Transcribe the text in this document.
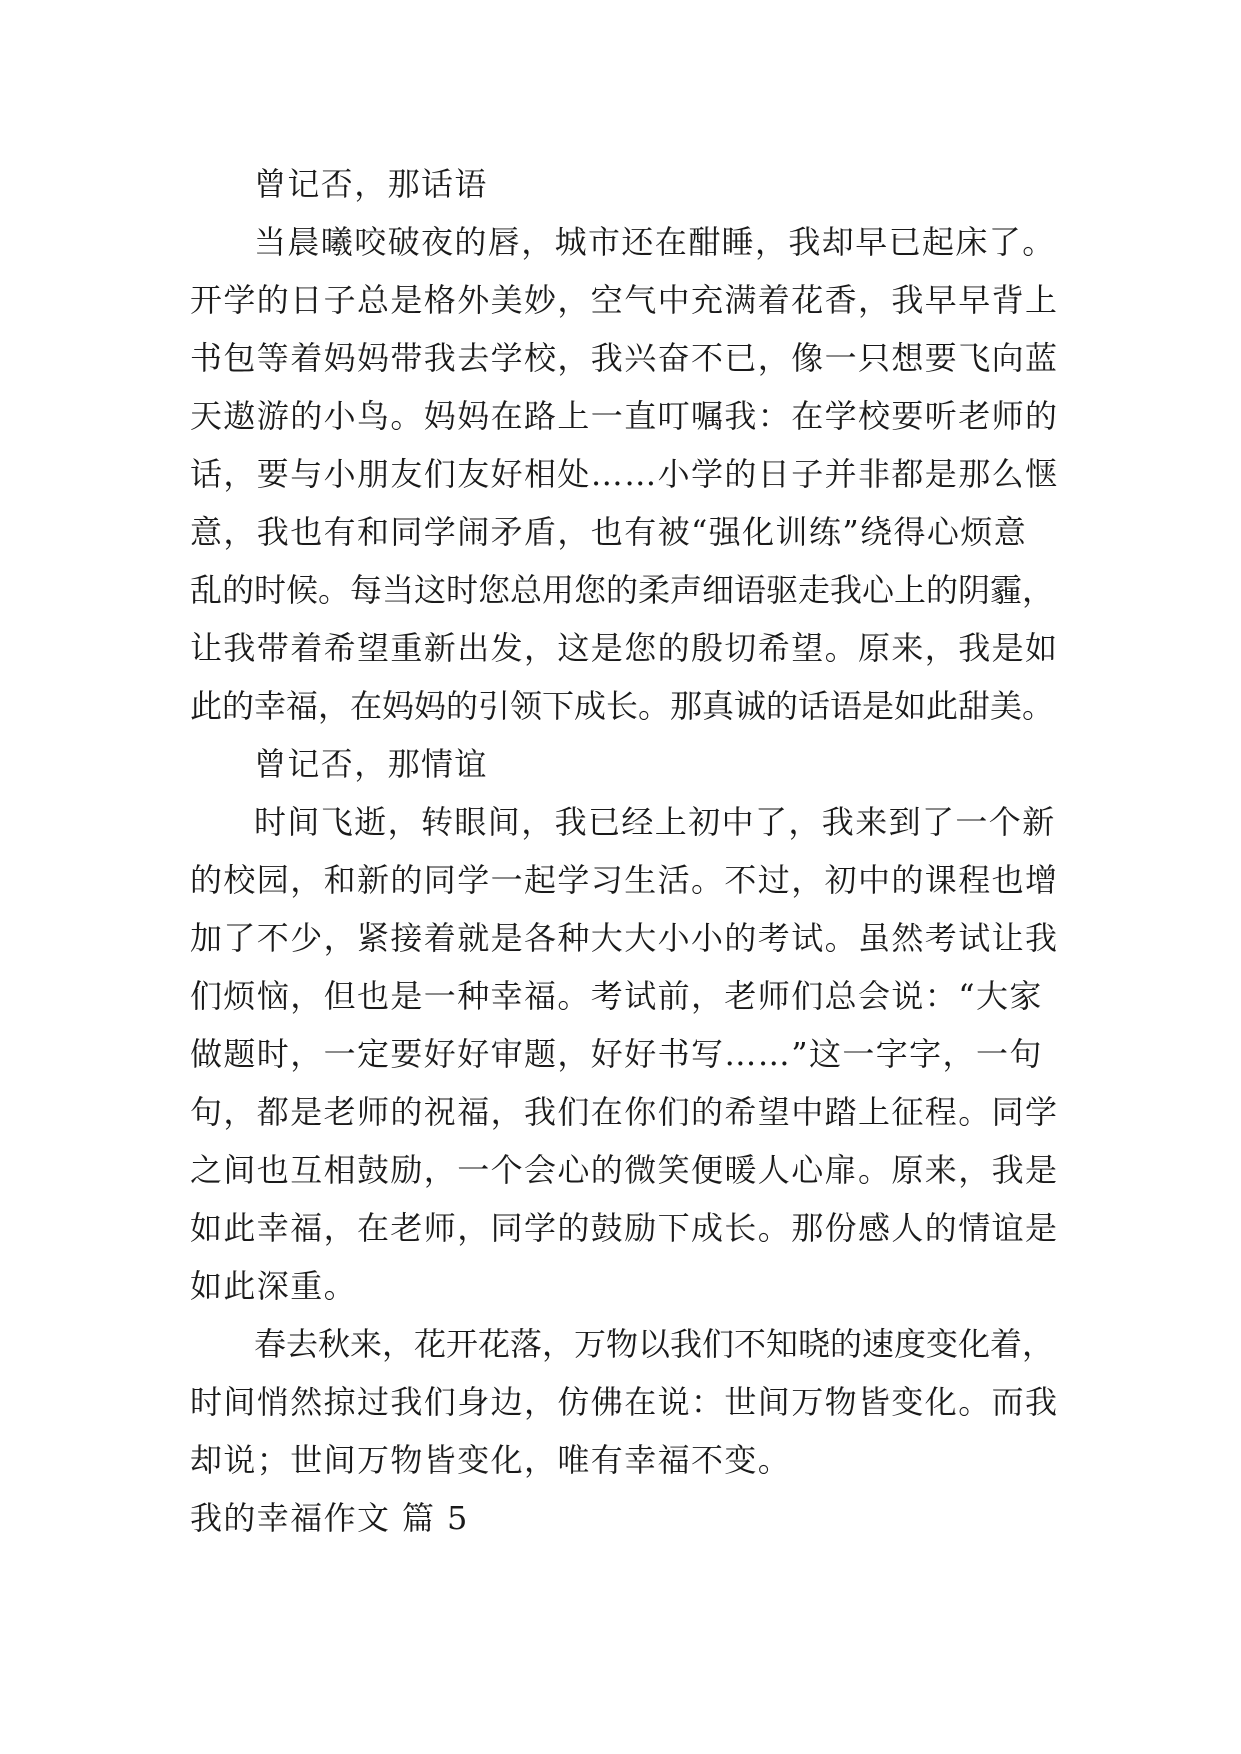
曾记否，那话语
当晨曦咬破夜的唇，城市还在酣睡，我却早已起床了。
开学的日子总是格外美妙，空气中充满着花香，我早早背上
书包等着妈妈带我去学校，我兴奋不已，像一只想要飞向蓝
天遨游的小鸟。妈妈在路上一直叮嘱我：在学校要听老师的
话，要与小朋友们友好相处……小学的日子并非都是那么惬
意，我也有和同学闹矛盾，也有被“强化训练”绕得心烦意
乱的时候。每当这时您总用您的柔声细语驱走我心上的阴霾，
让我带着希望重新出发，这是您的殷切希望。原来，我是如
此的幸福，在妈妈的引领下成长。那真诚的话语是如此甜美。
曾记否，那情谊
时间飞逝，转眼间，我已经上初中了，我来到了一个新
的校园，和新的同学一起学习生活。不过，初中的课程也增
加了不少，紧接着就是各种大大小小的考试。虽然考试让我
们烦恼，但也是一种幸福。考试前，老师们总会说：“大家
做题时，一定要好好审题，好好书写……”这一字字，一句
句，都是老师的祝福，我们在你们的希望中踏上征程。同学
之间也互相鼓励，一个会心的微笑便暖人心扉。原来，我是
如此幸福，在老师，同学的鼓励下成长。那份感人的情谊是
如此深重。
春去秋来，花开花落，万物以我们不知晓的速度变化着，
时间悄然掠过我们身边，仿佛在说：世间万物皆变化。而我
却说；世间万物皆变化，唯有幸福不变。
我的幸福作文 篇 5
